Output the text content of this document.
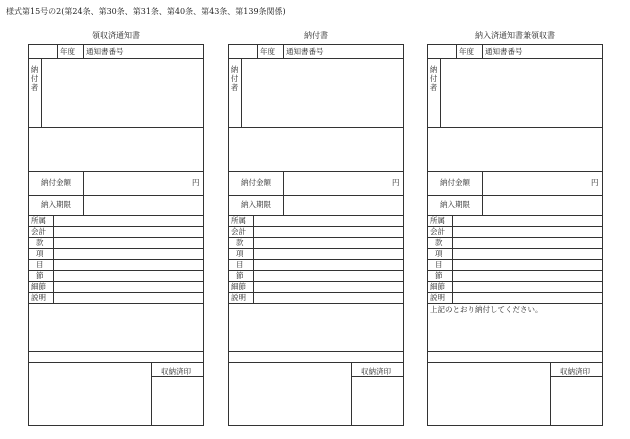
様式第15号の2(第24条、第30条、第31条、第40条、第43条、第139条関係)
領収済通知書
年度 通知書番号
納付者
納付金額	円
納入期限
所属
会計
款
項
目
節
細節
説明
収納済印
納付書
年度 通知書番号
納付者
納付金額	円
納入期限
所属
会計
款
項
目
節
細節
説明
収納済印
納入済通知書兼領収書
年度 通知書番号
納付者
納付金額	円
納入期限
所属
会計
款
項
目
節
細節
説明
上記のとおり納付してください。
収納済印
